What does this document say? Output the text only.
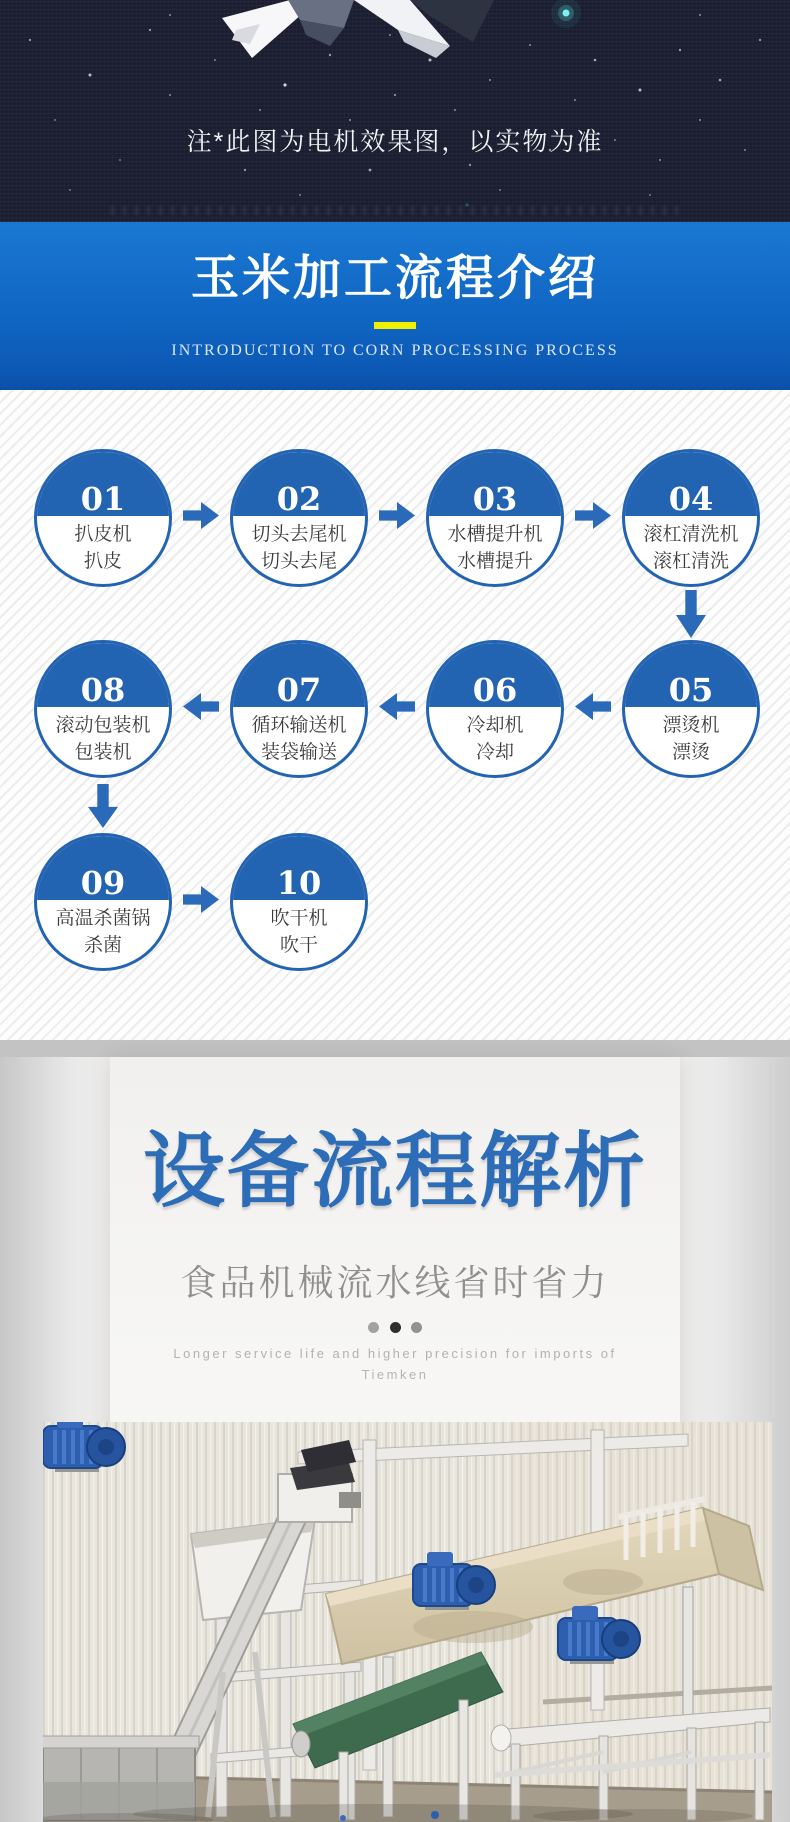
注*此图为电机效果图，以实物为准
玉米加工流程介绍
INTRODUCTION TO CORN PROCESSING PROCESS
01
扒皮机
扒皮
02
切头去尾机
切头去尾
03
水槽提升机
水槽提升
04
滚杠清洗机
滚杠清洗
08
滚动包装机
包装机
07
循环输送机
装袋输送
06
冷却机
冷却
05
漂烫机
漂烫
09
高温杀菌锅
杀菌
10
吹干机
吹干
设备流程解析
食品机械流水线省时省力

Longer service life and higher precision for imports of
Tiemken
